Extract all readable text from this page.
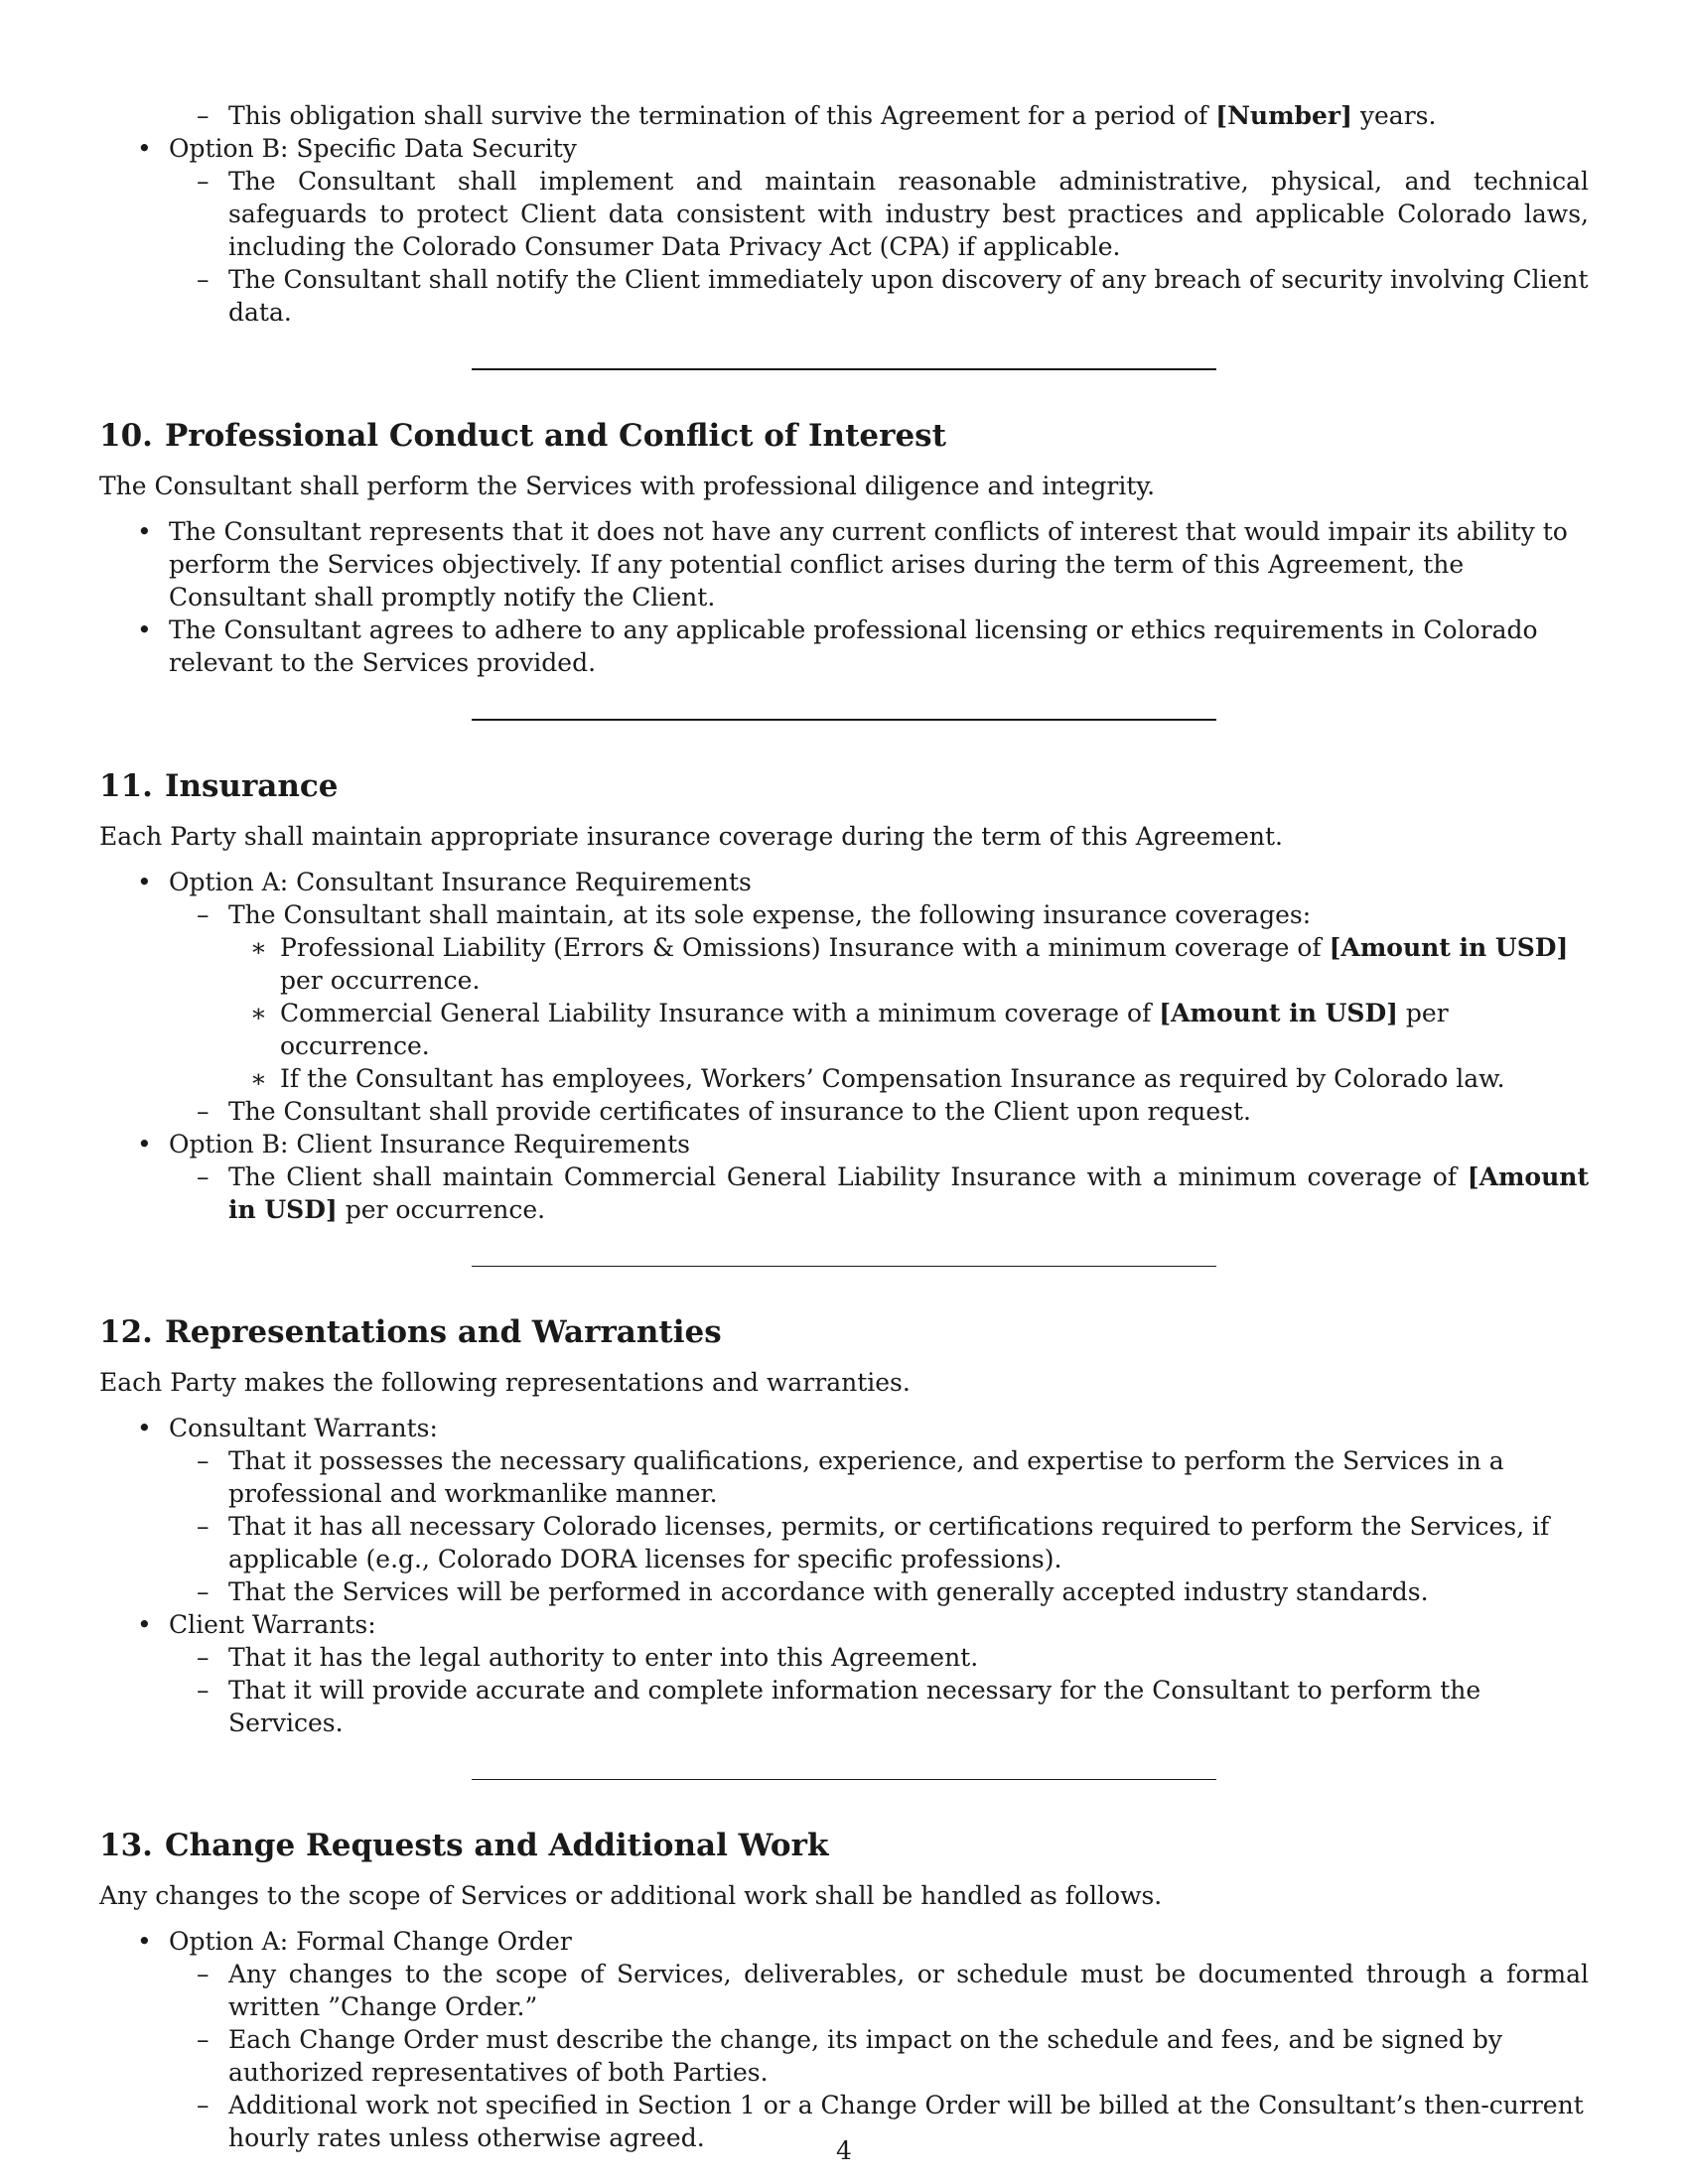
– This obligation shall survive the termination of this Agreement for a period of [Number] years.
• Option B: Specific Data Security
– The Consultant shall implement and maintain reasonable administrative, physical, and technical safeguards to protect Client data consistent with industry best practices and applicable Colorado laws, including the Colorado Consumer Data Privacy Act (CPA) if applicable.
– The Consultant shall notify the Client immediately upon discovery of any breach of security involving Client data.
10. Professional Conduct and Conflict of Interest

The Consultant shall perform the Services with professional diligence and integrity.

• The Consultant represents that it does not have any current conflicts of interest that would impair its ability to perform the Services objectively. If any potential conflict arises during the term of this Agreement, the Consultant shall promptly notify the Client.
• The Consultant agrees to adhere to any applicable professional licensing or ethics requirements in Colorado relevant to the Services provided.
11. Insurance

Each Party shall maintain appropriate insurance coverage during the term of this Agreement.

• Option A: Consultant Insurance Requirements
– The Consultant shall maintain, at its sole expense, the following insurance coverages:
∗ Professional Liability (Errors & Omissions) Insurance with a minimum coverage of [Amount in USD] per occurrence.
∗ Commercial General Liability Insurance with a minimum coverage of [Amount in USD] per occurrence.
∗ If the Consultant has employees, Workers’ Compensation Insurance as required by Colorado law.
– The Consultant shall provide certificates of insurance to the Client upon request.
• Option B: Client Insurance Requirements
– The Client shall maintain Commercial General Liability Insurance with a minimum coverage of [Amount in USD] per occurrence.
12. Representations and Warranties

Each Party makes the following representations and warranties.

• Consultant Warrants:
– That it possesses the necessary qualifications, experience, and expertise to perform the Services in a professional and workmanlike manner.
– That it has all necessary Colorado licenses, permits, or certifications required to perform the Services, if applicable (e.g., Colorado DORA licenses for specific professions).
– That the Services will be performed in accordance with generally accepted industry standards.
• Client Warrants:
– That it has the legal authority to enter into this Agreement.
– That it will provide accurate and complete information necessary for the Consultant to perform the Services.
13. Change Requests and Additional Work

Any changes to the scope of Services or additional work shall be handled as follows.

• Option A: Formal Change Order
– Any changes to the scope of Services, deliverables, or schedule must be documented through a formal written ”Change Order.”
– Each Change Order must describe the change, its impact on the schedule and fees, and be signed by authorized representatives of both Parties.
– Additional work not specified in Section 1 or a Change Order will be billed at the Consultant’s then-current hourly rates unless otherwise agreed.	4
